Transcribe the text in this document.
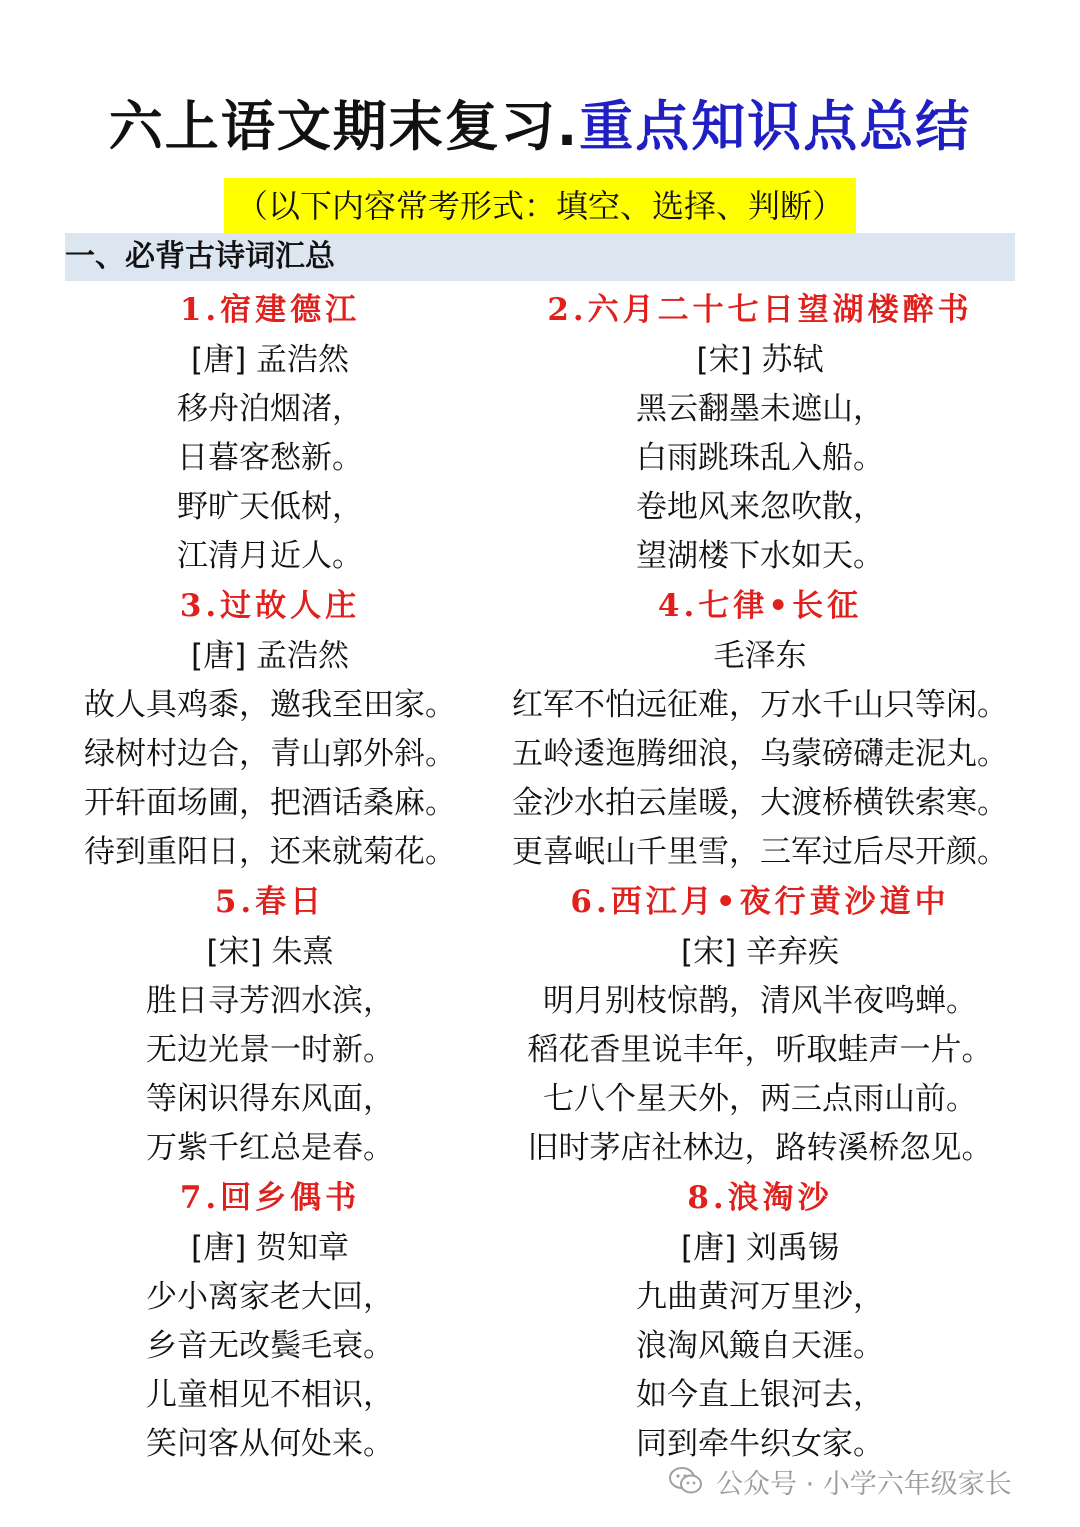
六上语文期末复习.重点知识点总结
（以下内容常考形式：填空、选择、判断）
一、必背古诗词汇总
1.宿建德江
[唐] 孟浩然
移舟泊烟渚，
日暮客愁新。
野旷天低树，
江清月近人。
3.过故人庄
[唐] 孟浩然
故人具鸡黍，邀我至田家。
绿树村边合，青山郭外斜。
开轩面场圃，把酒话桑麻。
待到重阳日，还来就菊花。
5.春日
[宋] 朱熹
胜日寻芳泗水滨，
无边光景一时新。
等闲识得东风面，
万紫千红总是春。
7.回乡偶书
[唐] 贺知章
少小离家老大回，
乡音无改鬓毛衰。
儿童相见不相识，
笑问客从何处来。
2.六月二十七日望湖楼醉书
[宋] 苏轼
黑云翻墨未遮山，
白雨跳珠乱入船。
卷地风来忽吹散，
望湖楼下水如天。
4.七律•长征
毛泽东
红军不怕远征难，万水千山只等闲。
五岭逶迤腾细浪，乌蒙磅礴走泥丸。
金沙水拍云崖暖，大渡桥横铁索寒。
更喜岷山千里雪，三军过后尽开颜。
6.西江月•夜行黄沙道中
[宋] 辛弃疾
明月别枝惊鹊，清风半夜鸣蝉。
稻花香里说丰年，听取蛙声一片。
七八个星天外，两三点雨山前。
旧时茅店社林边，路转溪桥忽见。
8.浪淘沙
[唐] 刘禹锡
九曲黄河万里沙，
浪淘风簸自天涯。
如今直上银河去，
同到牵牛织女家。
公众号 · 小学六年级家长
